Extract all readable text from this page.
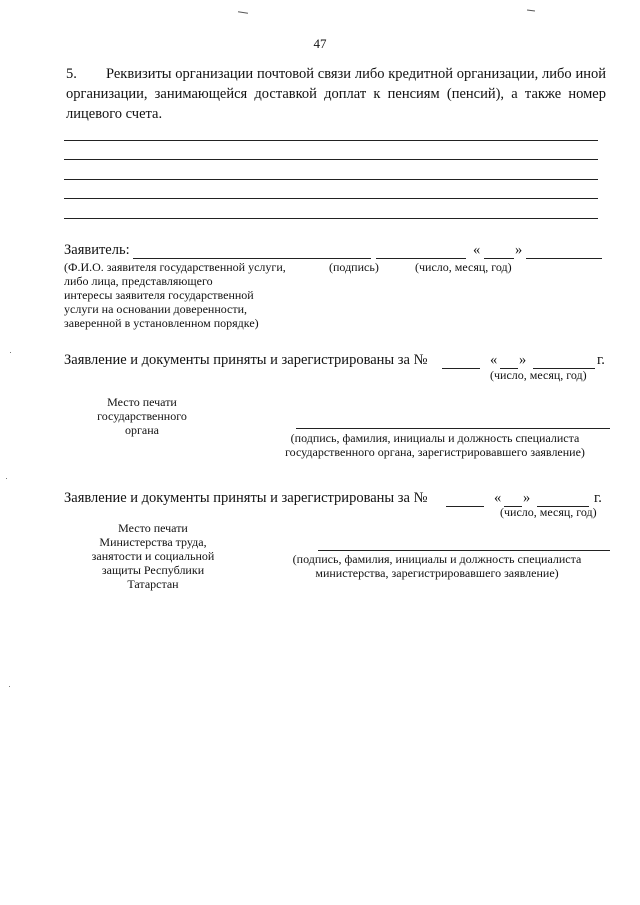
47
5. Реквизиты организации почтовой связи либо кредитной организации, либо иной организации, занимающейся доставкой доплат к пенсиям (пенсий), а также номер лицевого счета.
Заявитель:	« »
(Ф.И.О. заявителя государственной услуги,
либо лица, представляющего
интересы заявителя государственной
услуги на основании доверенности,
заверенной в установленном порядке)
(подпись)	(число, месяц, год)
Заявление и документы приняты и зарегистрированы за №	« »	г.
(число, месяц, год)
Место печати
государственного
органа
(подпись, фамилия, инициалы и должность специалиста
государственного органа, зарегистрировавшего заявление)
Заявление и документы приняты и зарегистрированы за №	« »	г.
(число, месяц, год)
Место печати
Министерства труда,
занятости и социальной
защиты Республики
Татарстан
(подпись, фамилия, инициалы и должность специалиста
министерства, зарегистрировавшего заявление)
